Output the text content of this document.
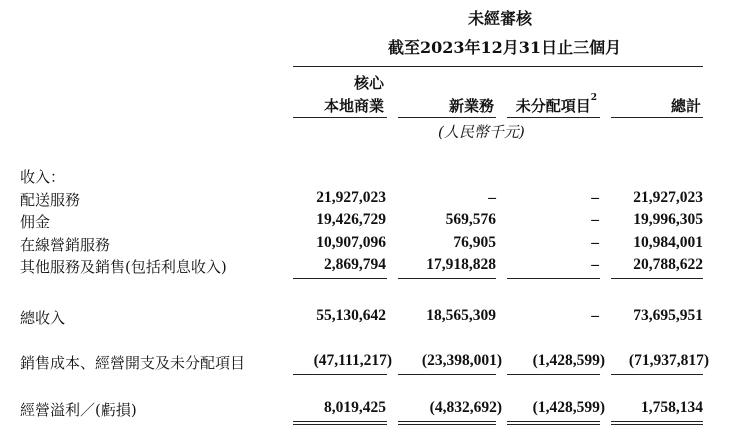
未經審核
截至2023年12月31日止三個月
核心
本地商業	新業務 未分配項目$^2$	總計
(人民幣千元)
收入：
配送服務	21,927,023	–	– 21,927,023
佣金	19,426,729	569,576	– 19,996,305
在線營銷服務	10,907,096	76,905	– 10,984,001
其他服務及銷售(包括利息收入)	2,869,794	17,918,828	– 20,788,622
總收入	55,130,642	18,565,309	– 73,695,951
銷售成本、經營開支及未分配項目	(47,111,217) (23,398,001) (1,428,599) (71,937,817)
經營溢利／(虧損)	8,019,425	(4,832,692) (1,428,599) 1,758,134
